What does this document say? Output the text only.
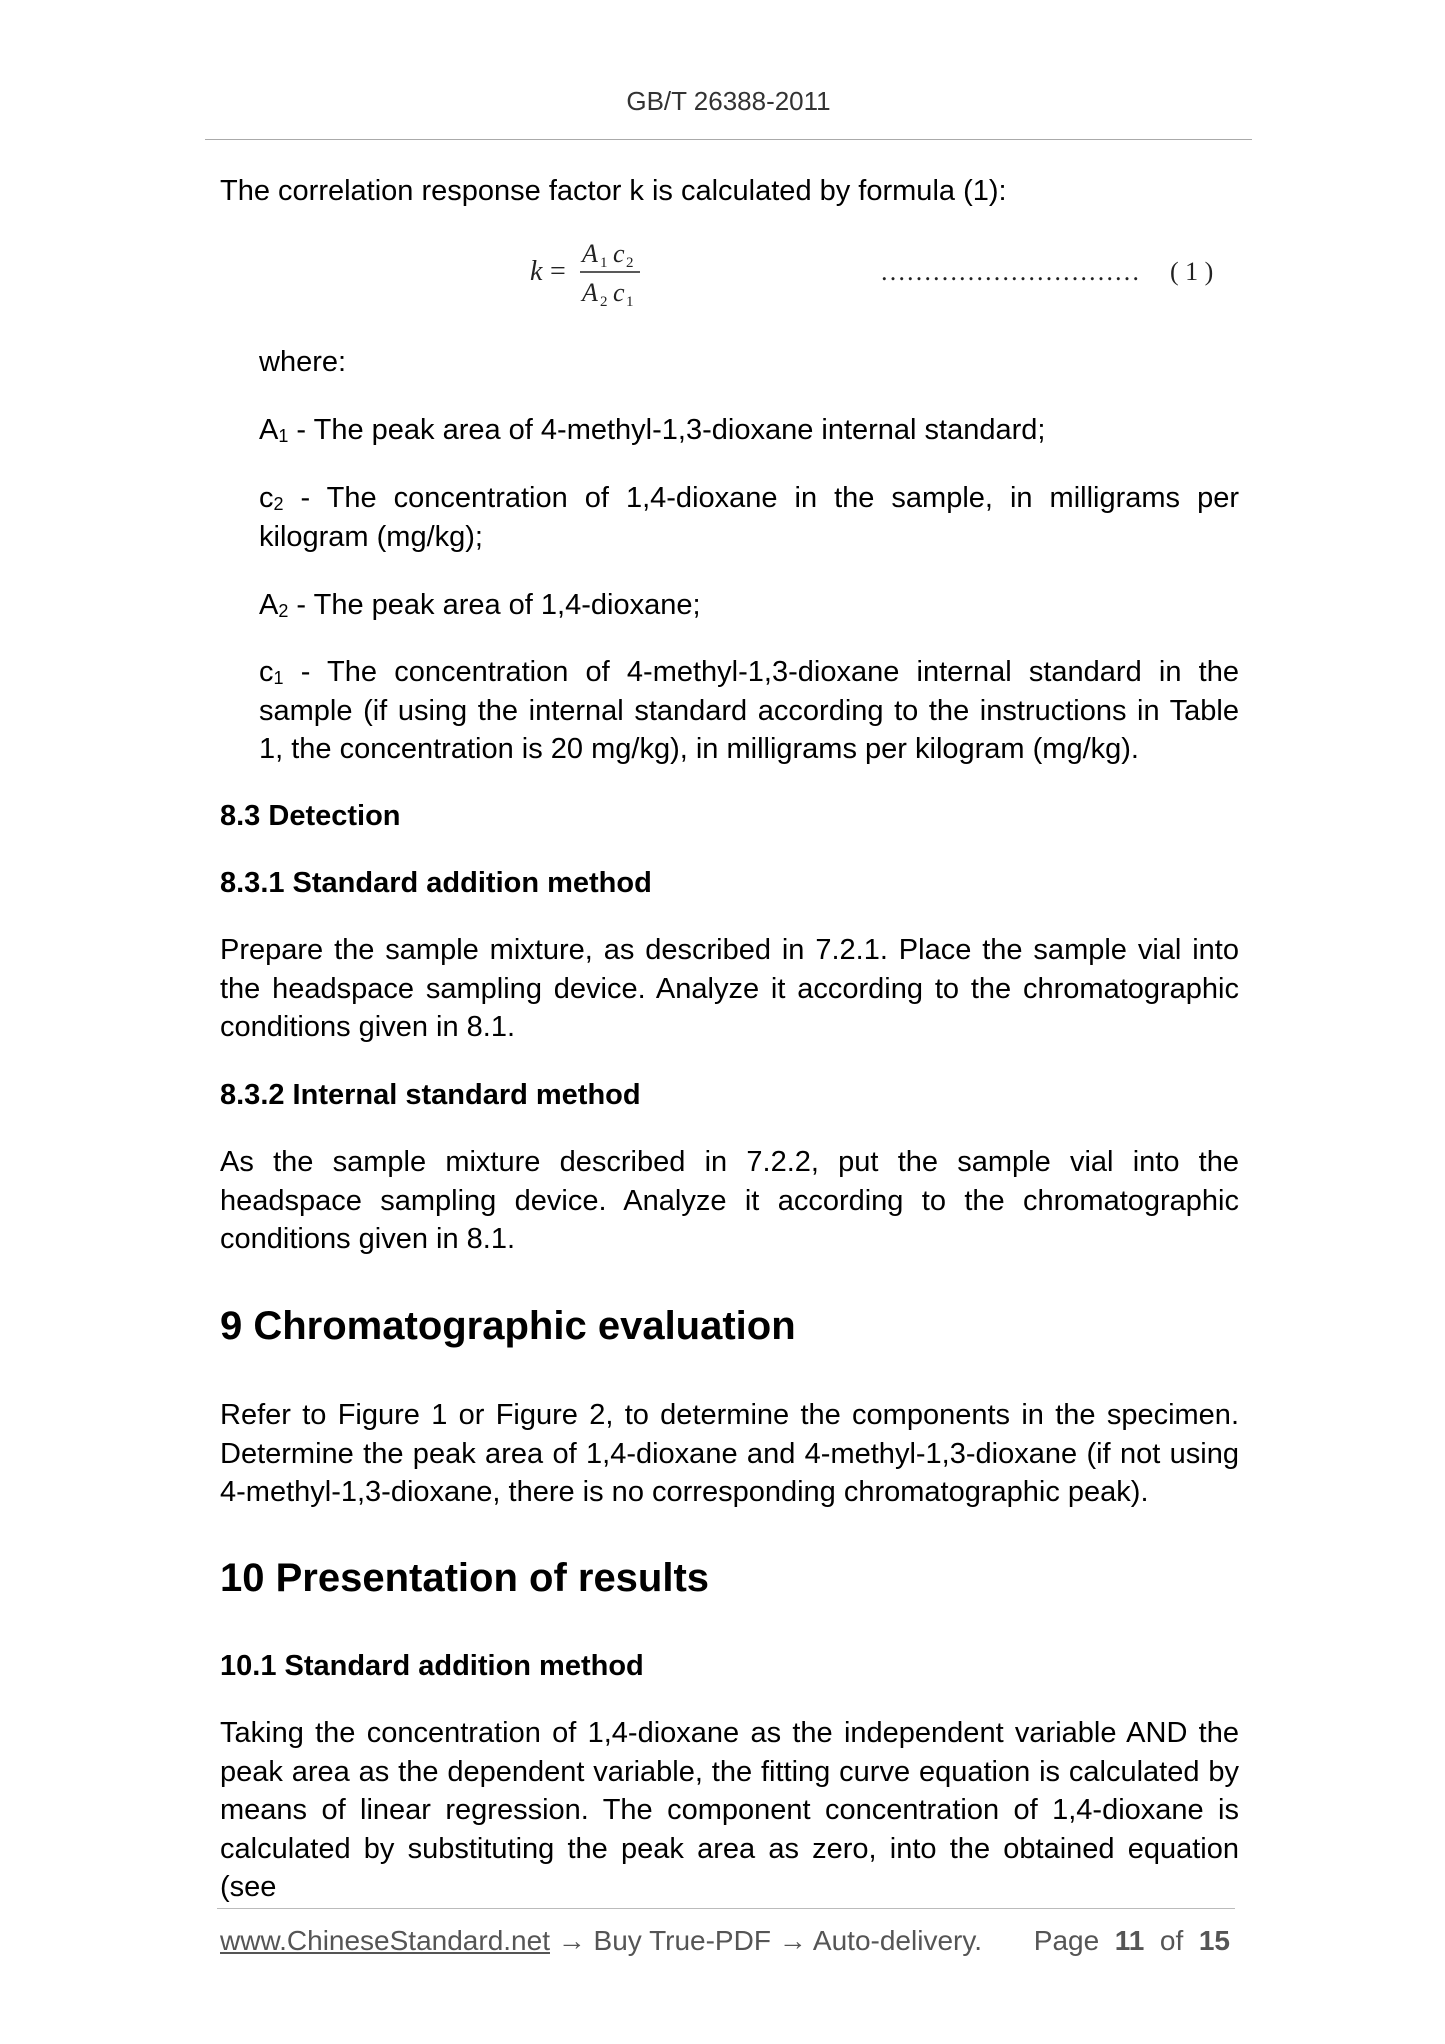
GB/T 26388-2011

The correlation response factor k is calculated by formula (1):

k =
A 1 c 2
A 2 c 1
………………………… ( 1 )

where:

$A_1$ - The peak area of 4-methyl-1,3-dioxane internal standard;

$c_2$ - The concentration of 1,4-dioxane in the sample, in milligrams per kilogram (mg/kg);

$A_2$ - The peak area of 1,4-dioxane;

$c_1$ - The concentration of 4-methyl-1,3-dioxane internal standard in the sample (if using the internal standard according to the instructions in Table 1, the concentration is 20 mg/kg), in milligrams per kilogram (mg/kg).

8.3 Detection

8.3.1 Standard addition method

Prepare the sample mixture, as described in 7.2.1. Place the sample vial into the headspace sampling device. Analyze it according to the chromatographic conditions given in 8.1.

8.3.2 Internal standard method

As the sample mixture described in 7.2.2, put the sample vial into the headspace sampling device. Analyze it according to the chromatographic conditions given in 8.1.

9 Chromatographic evaluation

Refer to Figure 1 or Figure 2, to determine the components in the specimen. Determine the peak area of 1,4-dioxane and 4-methyl-1,3-dioxane (if not using 4-methyl-1,3-dioxane, there is no corresponding chromatographic peak).

10 Presentation of results

10.1 Standard addition method

Taking the concentration of 1,4-dioxane as the independent variable AND the peak area as the dependent variable, the fitting curve equation is calculated by means of linear regression. The component concentration of 1,4-dioxane is calculated by substituting the peak area as zero, into the obtained equation (see

www.ChineseStandard.net → Buy True-PDF → Auto-delivery. Page 11 of 15
